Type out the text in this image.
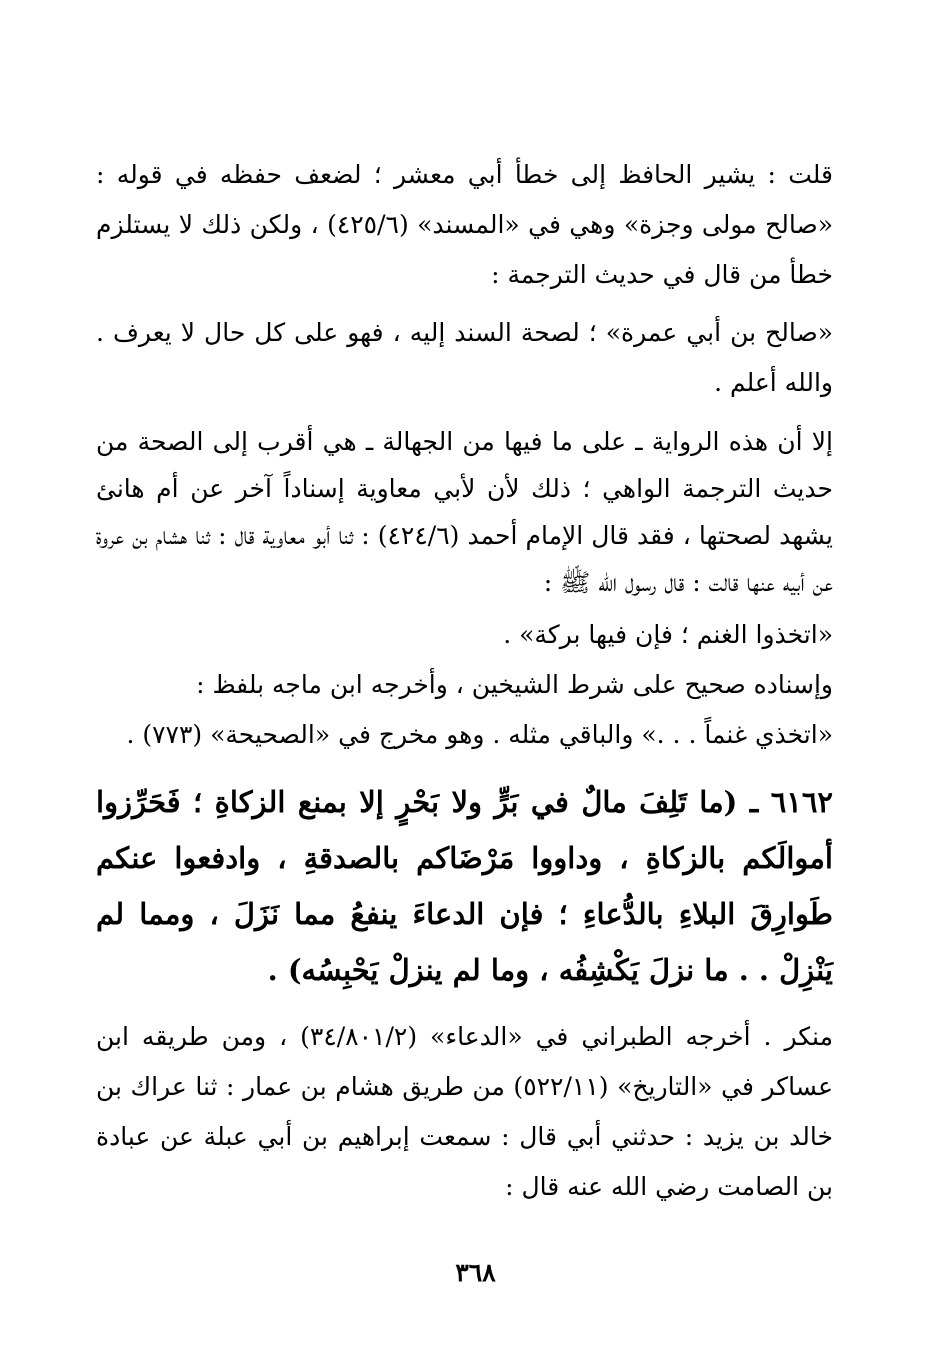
قلت : يشير الحافظ إلى خطأ أبي معشر ؛ لضعف حفظه في قوله : «صالح مولى وجزة» وهي في «المسند» (٤٢٥/٦) ، ولكن ذلك لا يستلزم خطأ من قال في حديث الترجمة :

«صالح بن أبي عمرة» ؛ لصحة السند إليه ، فهو على كل حال لا يعرف . والله أعلم .

إلا أن هذه الرواية ـ على ما فيها من الجهالة ـ هي أقرب إلى الصحة من حديث الترجمة الواهي ؛ ذلك لأن لأبي معاوية إسناداً آخر عن أم هانئ يشهد لصحتها ، فقد قال الإمام أحمد (٤٢٤/٦) : ثنا أبو معاوية قال : ثنا هشام بن عروة عن أبيه عنها قالت : قال رسول الله ﷺ :

«اتخذوا الغنم ؛ فإن فيها بركة» .

وإسناده صحيح على شرط الشيخين ، وأخرجه ابن ماجه بلفظ :

«اتخذي غنماً . . .» والباقي مثله . وهو مخرج في «الصحيحة» (٧٧٣) .

٦١٦٢ ـ (ما تَلِفَ مالٌ في بَرٍّ ولا بَحْرٍ إلا بمنع الزكاةِ ؛ فَحَرِّزوا أموالَكم بالزكاةِ ، وداووا مَرْضَاكم بالصدقةِ ، وادفعوا عنكم طَوارِقَ البلاءِ بالدُّعاءِ ؛ فإن الدعاءَ ينفعُ مما نَزَلَ ، ومما لم يَنْزِلْ . . ما نزلَ يَكْشِفُه ، وما لم ينزلْ يَحْبِسُه) .

منكر . أخرجه الطبراني في «الدعاء» (٣٤/٨٠١/٢) ، ومن طريقه ابن عساكر في «التاريخ» (٥٢٢/١١) من طريق هشام بن عمار : ثنا عراك بن خالد بن يزيد : حدثني أبي قال : سمعت إبراهيم بن أبي عبلة عن عبادة بن الصامت رضي الله عنه قال :

٣٦٨
